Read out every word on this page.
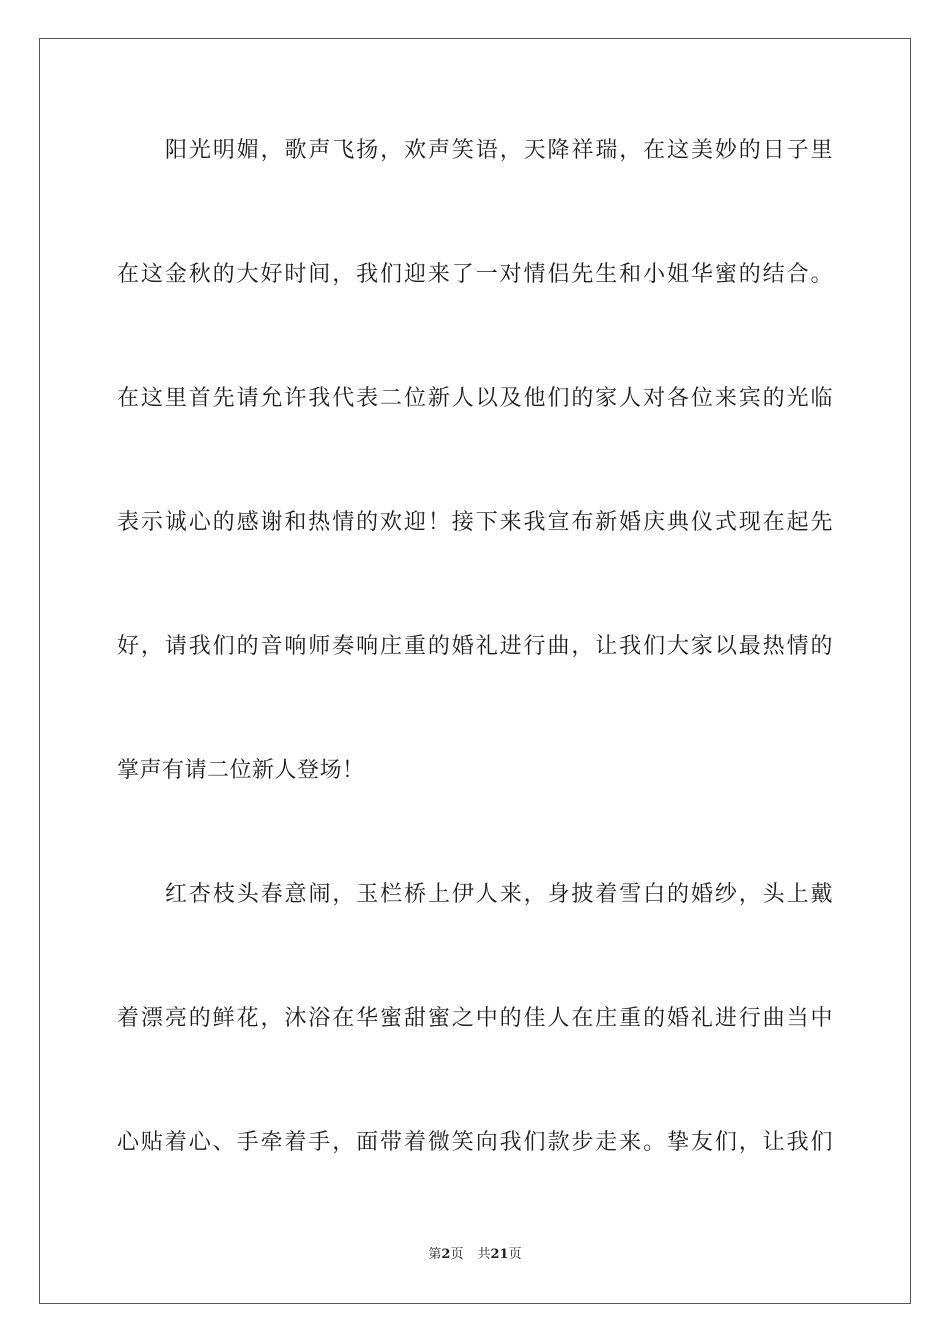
阳光明媚，歌声飞扬，欢声笑语，天降祥瑞，在这美妙的日子里
在这金秋的大好时间，我们迎来了一对情侣先生和小姐华蜜的结合。
在这里首先请允许我代表二位新人以及他们的家人对各位来宾的光临
表示诚心的感谢和热情的欢迎！接下来我宣布新婚庆典仪式现在起先
好，请我们的音响师奏响庄重的婚礼进行曲，让我们大家以最热情的
掌声有请二位新人登场！
红杏枝头春意闹，玉栏桥上伊人来，身披着雪白的婚纱，头上戴
着漂亮的鲜花，沐浴在华蜜甜蜜之中的佳人在庄重的婚礼进行曲当中
心贴着心、手牵着手，面带着微笑向我们款步走来。挚友们，让我们
第2页 共21页
